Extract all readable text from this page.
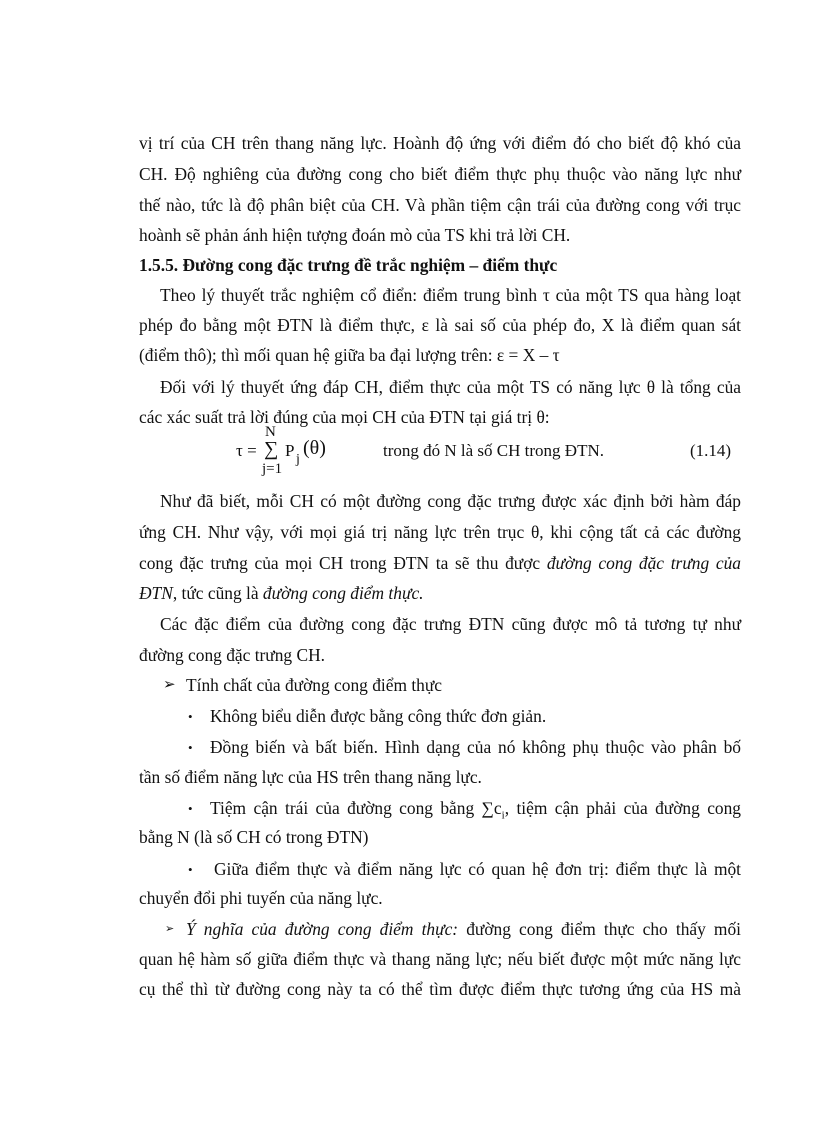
vị trí của CH trên thang năng lực. Hoành độ ứng với điểm đó cho biết độ khó của
CH. Độ nghiêng của đường cong cho biết điểm thực phụ thuộc vào năng lực như
thế nào, tức là độ phân biệt của CH. Và phần tiệm cận trái của đường cong với trục
hoành sẽ phản ánh hiện tượng đoán mò của TS khi trả lời CH.
1.5.5. Đường cong đặc trưng đề trắc nghiệm – điểm thực
Theo lý thuyết trắc nghiệm cổ điển: điểm trung bình τ của một TS qua hàng loạt
phép đo bằng một ĐTN là điểm thực, ε là sai số của phép đo, X là điểm quan sát
(điểm thô); thì mối quan hệ giữa ba đại lượng trên: ε = X – τ
Đối với lý thuyết ứng đáp CH, điểm thực của một TS có năng lực θ là tổng của
các xác suất trả lời đúng của mọi CH của ĐTN tại giá trị θ:
τ =
N
∑
j=1
P j
(θ)	trong đó N là số CH trong ĐTN.	(1.14)
Như đã biết, mỗi CH có một đường cong đặc trưng được xác định bởi hàm đáp
ứng CH. Như vậy, với mọi giá trị năng lực trên trục θ, khi cộng tất cả các đường
cong đặc trưng của mọi CH trong ĐTN ta sẽ thu được đường cong đặc trưng của
ĐTN, tức cũng là đường cong điểm thực.
Các đặc điểm của đường cong đặc trưng ĐTN cũng được mô tả tương tự như
đường cong đặc trưng CH.
➢ Tính chất của đường cong điểm thực
• Không biểu diễn được bằng công thức đơn giản.
• Đồng biến và bất biến. Hình dạng của nó không phụ thuộc vào phân bố
tần số điểm năng lực của HS trên thang năng lực.
• Tiệm cận trái của đường cong bằng $\sum c_i$, tiệm cận phải của đường cong
bằng N (là số CH có trong ĐTN)
• Giữa điểm thực và điểm năng lực có quan hệ đơn trị: điểm thực là một
chuyển đổi phi tuyến của năng lực.
➢ Ý nghĩa của đường cong điểm thực: đường cong điểm thực cho thấy mối
quan hệ hàm số giữa điểm thực và thang năng lực; nếu biết được một mức năng lực
cụ thể thì từ đường cong này ta có thể tìm được điểm thực tương ứng của HS mà
